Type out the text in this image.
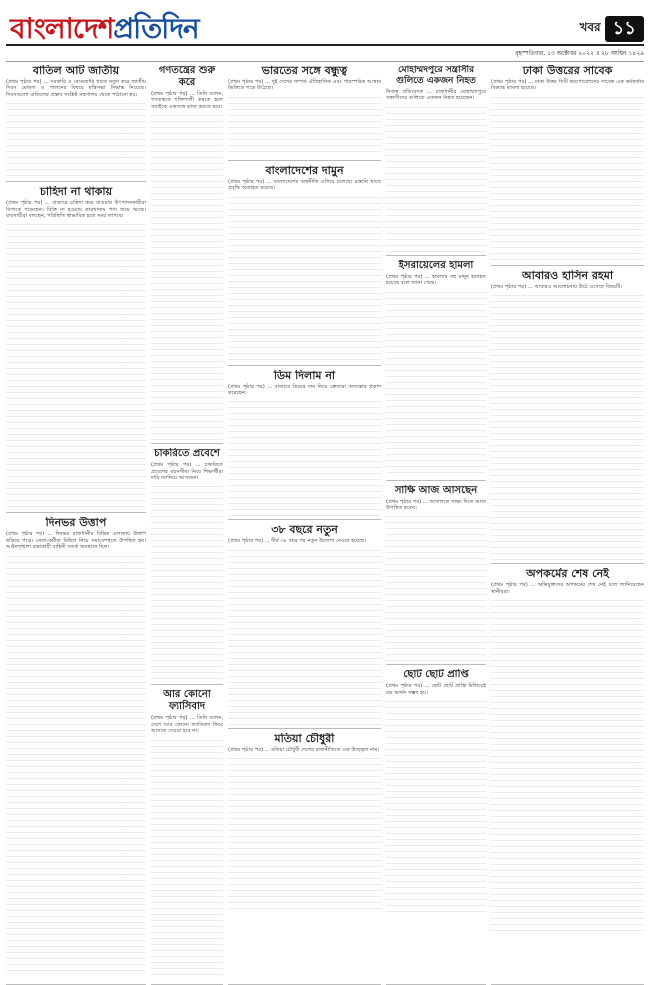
বাংলাদেশপ্রতিদিন	খবর ১১
বৃহস্পতিবার, ১৩ অক্টোবর ২০২২ ॥ ২৮ আশ্বিন ১৪২৯
বাতিল আট জাতীয়
(প্রথম পৃষ্ঠার পর) ... সরকারি ও বেসরকারি খাতে নতুন করে জাতীয় দিবস ঘোষণা ও পালনের বিষয়ে মন্ত্রিসভা সিদ্ধান্ত নিয়েছে। দিবসগুলো বাতিলের প্রস্তাব সংশ্লিষ্ট মন্ত্রণালয় থেকে পাঠানো হয়।
চাহিদা না থাকায়
(প্রথম পৃষ্ঠার পর) ... বাজারে চাহিদা কমে যাওয়ায় উৎপাদনকারীরা বিপাকে পড়েছেন। বিক্রি না হওয়ায় কারখানায় পণ্য জমে আছে। ব্যবসায়ীরা বলছেন, পরিস্থিতি স্বাভাবিক হতে সময় লাগবে।
দিনভর উত্তাপ
(প্রথম পৃষ্ঠার পর) ... দিনভর রাজধানীর বিভিন্ন এলাকায় উত্তাপ ছড়িয়ে পড়ে। নেতা-কর্মীরা মিছিল নিয়ে সমাবেশস্থলে উপস্থিত হন। আইনশৃঙ্খলা রক্ষাকারী বাহিনী সতর্ক অবস্থানে ছিল।
গণতন্ত্রের শুরু করে
(প্রথম পৃষ্ঠার পর) ... তিনি বলেন, গণতন্ত্রকে শক্তিশালী করতে হলে সবাইকে একসঙ্গে কাজ করতে হবে।
চাকরিতে প্রবেশে
(প্রথম পৃষ্ঠার পর) ... চাকরিতে প্রবেশের বয়সসীমা নিয়ে শিক্ষার্থীরা দাবি জানিয়ে আসছেন।
আর কোনো ফ্যাসিবাদ
(প্রথম পৃষ্ঠার পর) ... তিনি বলেন, দেশে আর কোনো ফ্যাসিবাদ ফিরে আসতে দেওয়া হবে না।
ভারতের সঙ্গে বন্ধুত্ব
(প্রথম পৃষ্ঠার পর) ... দুই দেশের সম্পর্ক ঐতিহাসিক এবং পারস্পরিক আস্থার ভিত্তিতে গড়ে উঠেছে।
বাংলাদেশের দামুন
(প্রথম পৃষ্ঠার পর) ... বাংলাদেশের অর্থনীতি এগিয়ে চলেছে। রপ্তানি খাতে প্রবৃদ্ধি অব্যাহত রয়েছে।
ডিম দিলাম না
(প্রথম পৃষ্ঠার পর) ... বাজারে ডিমের দাম নিয়ে ক্রেতারা অসন্তোষ প্রকাশ করেছেন।
৩৮ বছরে নতুন
(প্রথম পৃষ্ঠার পর) ... দীর্ঘ ৩৮ বছর পর নতুন উদ্যোগ নেওয়া হয়েছে।
মতিয়া চৌধুরী
(প্রথম পৃষ্ঠার পর) ... মতিয়া চৌধুরী দেশের রাজনীতিতে এক উজ্জ্বল নাম।
মোহাম্মদপুরে সন্ত্রাসীর গুলিতে একজন নিহত
নিজস্ব প্রতিবেদক ... রাজধানীর মোহাম্মদপুরে সন্ত্রাসীদের গুলিতে একজন নিহত হয়েছেন।
ইসরায়েলের হামলা
(প্রথম পৃষ্ঠার পর) ... হামলায় বহু মানুষ হতাহত হয়েছে বলে জানা গেছে।
সাক্ষি আজ আসছেন
(প্রথম পৃষ্ঠার পর) ... আদালতে সাক্ষ্য দিতে আজ উপস্থিত হবেন।
ছোট ছোট প্রাপ্তি
(প্রথম পৃষ্ঠার পর) ... ছোট ছোট প্রাপ্তি মিলিয়েই বড় অর্জন সম্ভব হয়।
ঢাকা উত্তরের সাবেক
(প্রথম পৃষ্ঠার পর) ... ঢাকা উত্তর সিটি করপোরেশনের সাবেক এক কর্মকর্তার বিরুদ্ধে মামলা হয়েছে।
আবারও হাসিন রহমা
(প্রথম পৃষ্ঠার পর) ... আবারও আলোচনায় উঠে এসেছে বিষয়টি।
অপকর্মের শেষ নেই
(প্রথম পৃষ্ঠার পর) ... অভিযুক্তদের অপকর্মের শেষ নেই বলে জানিয়েছেন স্থানীয়রা।
